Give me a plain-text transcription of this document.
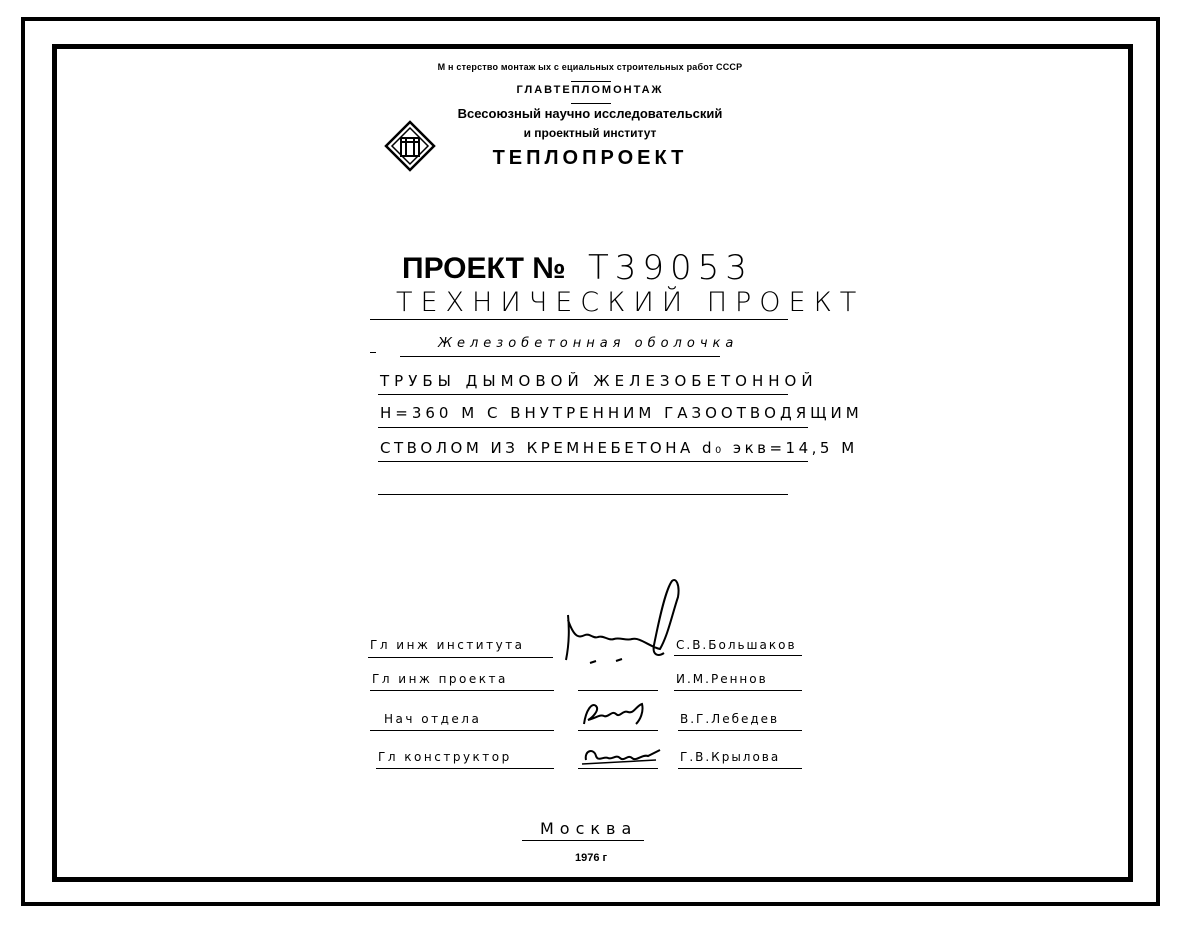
М н стерство монтаж ых с ециальных строительных работ СССР
ГЛАВТЕПЛОМОНТАЖ
Всесоюзный научно исследовательский
и проектный институт
ТЕПЛОПРОЕКТ
ПРОЕКТ № Т39053
ТЕХНИЧЕСКИЙ ПРОЕКТ
Железобетонная оболочка
ТРУБЫ ДЫМОВОЙ ЖЕЛЕЗОБЕТОННОЙ
Н=360 М С ВНУТРЕННИМ ГАЗООТВОДЯЩИМ
СТВОЛОМ ИЗ КРЕМНЕБЕТОНА d₀ экв=14,5 М
Гл инж института	С.В.Большаков
Гл инж проекта	И.М.Реннов
Нач отдела	В.Г.Лебедев
Гл конструктор	Г.В.Крылова
Москва
1976 г
